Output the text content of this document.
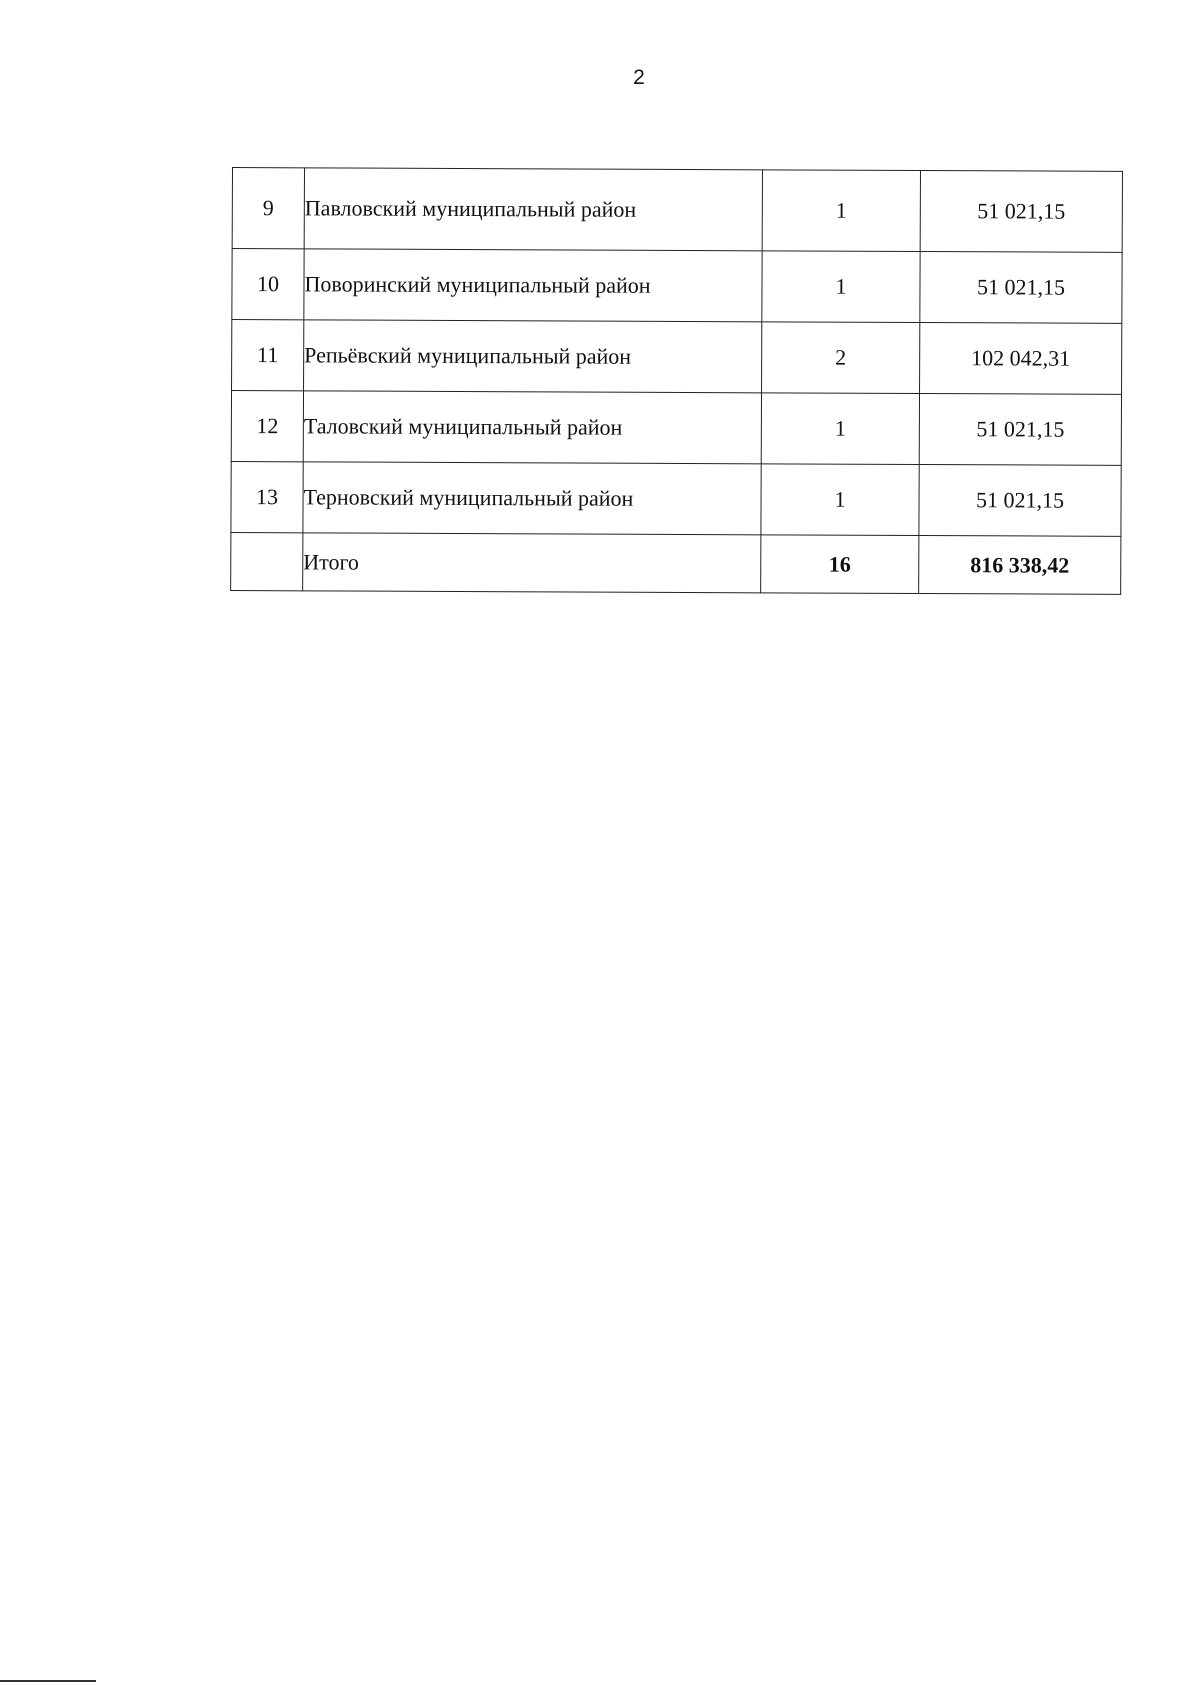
2
9	Павловский муниципальный район	1	51 021,15
10	Поворинский муниципальный район	1	51 021,15
11	Репьёвский муниципальный район	2	102 042,31
12	Таловский муниципальный район	1	51 021,15
13	Терновский муниципальный район	1	51 021,15
	Итого	16	816 338,42
